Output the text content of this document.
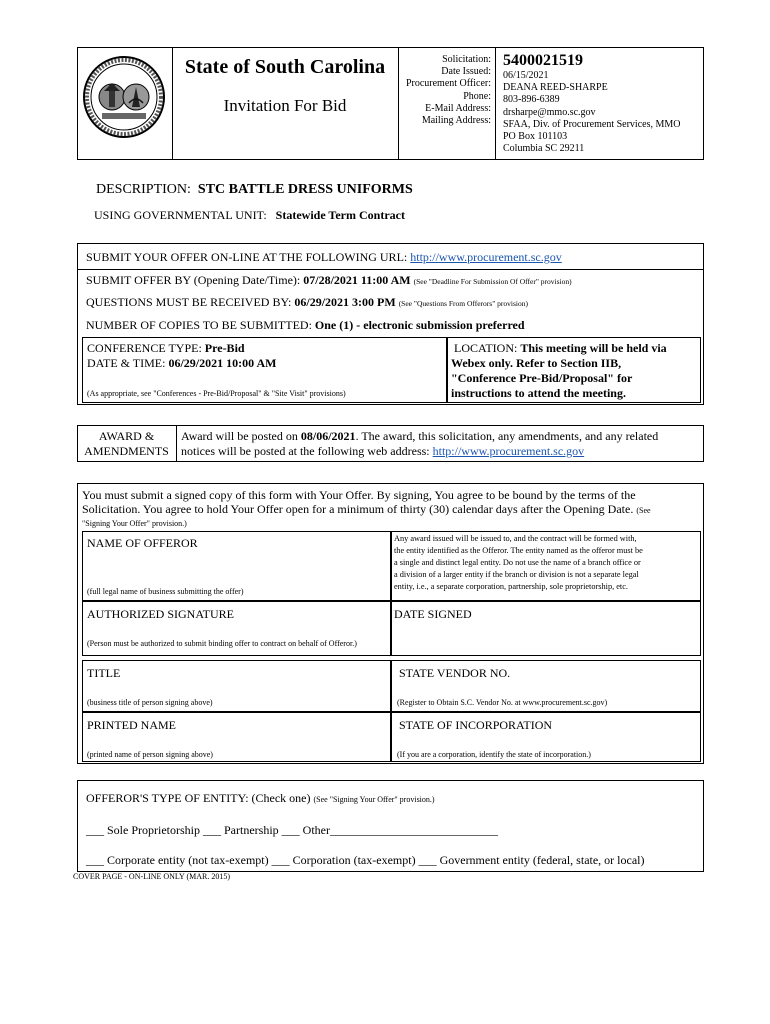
State of South Carolina
Invitation For Bid
Solicitation:
Date Issued:
Procurement Officer:
Phone:
E-Mail Address:
Mailing Address:
5400021519
06/15/2021
DEANA REED-SHARPE
803-896-6389
drsharpe@mmo.sc.gov
SFAA, Div. of Procurement Services, MMO
PO Box 101103
Columbia SC 29211
DESCRIPTION: STC BATTLE DRESS UNIFORMS
USING GOVERNMENTAL UNIT: Statewide Term Contract
SUBMIT YOUR OFFER ON-LINE AT THE FOLLOWING URL: http://www.procurement.sc.gov
SUBMIT OFFER BY (Opening Date/Time): 07/28/2021 11:00 AM (See "Deadline For Submission Of Offer" provision)
QUESTIONS MUST BE RECEIVED BY: 06/29/2021 3:00 PM (See "Questions From Offerors" provision)
NUMBER OF COPIES TO BE SUBMITTED: One (1) - electronic submission preferred
CONFERENCE TYPE: Pre-Bid
DATE & TIME: 06/29/2021 10:00 AM
(As appropriate, see "Conferences - Pre-Bid/Proposal" & "Site Visit" provisions)
LOCATION: This meeting will be held via
Webex only. Refer to Section IIB,
"Conference Pre-Bid/Proposal" for
instructions to attend the meeting.
AWARD &
AMENDMENTS
Award will be posted on 08/06/2021. The award, this solicitation, any amendments, and any related
notices will be posted at the following web address: http://www.procurement.sc.gov
You must submit a signed copy of this form with Your Offer. By signing, You agree to be bound by the terms of the
Solicitation. You agree to hold Your Offer open for a minimum of thirty (30) calendar days after the Opening Date. (See
"Signing Your Offer" provision.)
NAME OF OFFEROR
(full legal name of business submitting the offer)
Any award issued will be issued to, and the contract will be formed with,
the entity identified as the Offeror. The entity named as the offeror must be
a single and distinct legal entity. Do not use the name of a branch office or
a division of a larger entity if the branch or division is not a separate legal
entity, i.e., a separate corporation, partnership, sole proprietorship, etc.
AUTHORIZED SIGNATURE
(Person must be authorized to submit binding offer to contract on behalf of Offeror.)
DATE SIGNED
TITLE
(business title of person signing above)
STATE VENDOR NO.
(Register to Obtain S.C. Vendor No. at www.procurement.sc.gov)
PRINTED NAME
(printed name of person signing above)
STATE OF INCORPORATION
(If you are a corporation, identify the state of incorporation.)
OFFEROR'S TYPE OF ENTITY: (Check one) (See "Signing Your Offer" provision.)
___ Sole Proprietorship ___ Partnership ___ Other____________________________
___ Corporate entity (not tax-exempt) ___ Corporation (tax-exempt) ___ Government entity (federal, state, or local)
COVER PAGE - ON-LINE ONLY (MAR. 2015)
